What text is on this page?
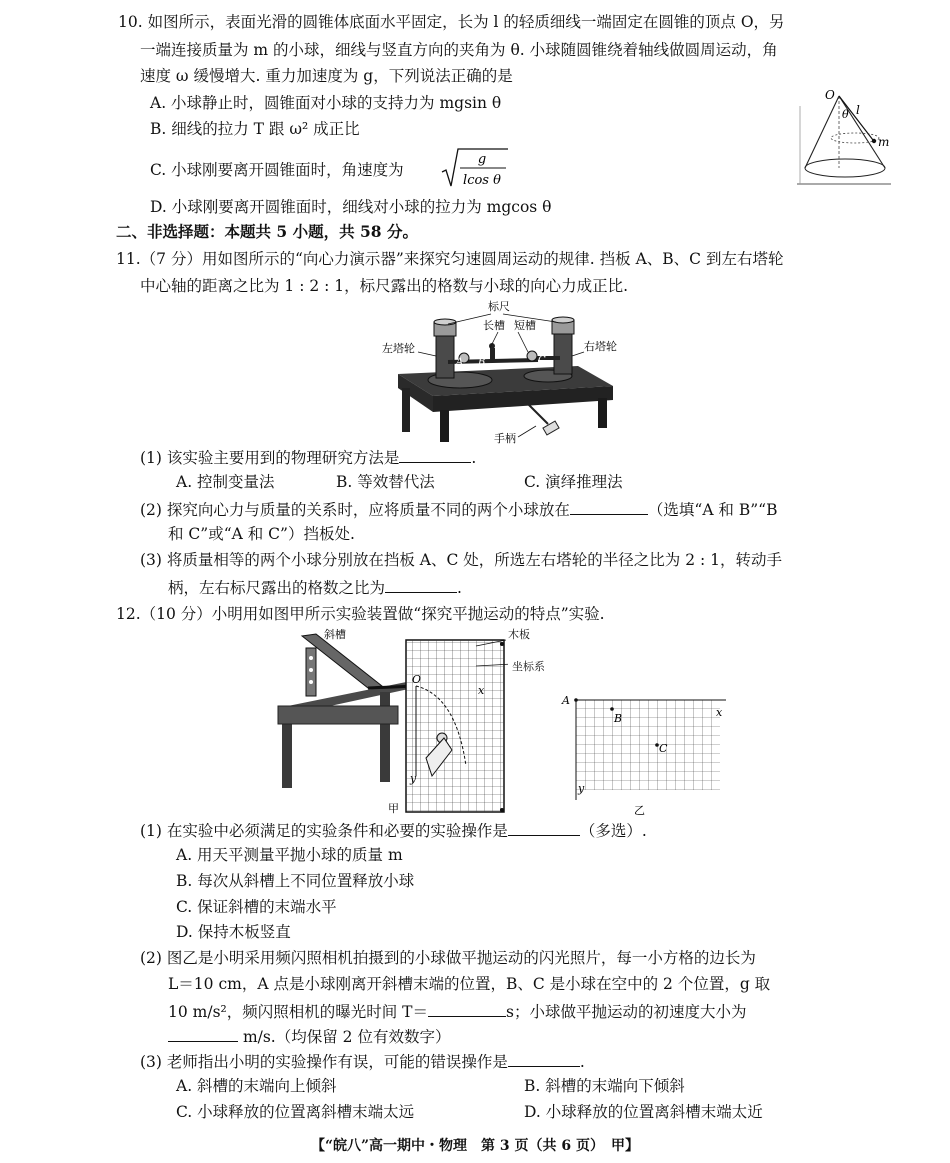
10. 如图所示，表面光滑的圆锥体底面水平固定，长为 l 的轻质细线一端固定在圆锥的顶点 O，另
一端连接质量为 m 的小球，细线与竖直方向的夹角为 θ. 小球随圆锥绕着轴线做圆周运动，角
速度 ω 缓慢增大. 重力加速度为 g，下列说法正确的是
A. 小球静止时，圆锥面对小球的支持力为 mgsin θ
B. 细线的拉力 T 跟 ω² 成正比
C. 小球刚要离开圆锥面时，角速度为
g
lcos θ
D. 小球刚要离开圆锥面时，细线对小球的拉力为 mgcos θ
O
θ l
m
二、非选择题：本题共 5 小题，共 58 分。
11.（7 分）用如图所示的“向心力演示器”来探究匀速圆周运动的规律. 挡板 A、B、C 到左右塔轮
中心轴的距离之比为 1 : 2 : 1，标尺露出的格数与小球的向心力成正比.
标尺
长槽 短槽
左塔轮	右塔轮
手柄
A B	C
(1) 该实验主要用到的物理研究方法是	.
A. 控制变量法	B. 等效替代法	C. 演绎推理法
(2) 探究向心力与质量的关系时，应将质量不同的两个小球放在	（选填“A 和 B”“B
和 C”或“A 和 C”）挡板处.
(3) 将质量相等的两个小球分别放在挡板 A、C 处，所选左右塔轮的半径之比为 2 : 1，转动手
柄，左右标尺露出的格数之比为	.
12.（10 分）小明用如图甲所示实验装置做“探究平抛运动的特点”实验.
斜槽
O
x
y
甲
木板
坐标系
A
B
C
x
y
乙
(1) 在实验中必须满足的实验条件和必要的实验操作是	（多选）.
A. 用天平测量平抛小球的质量 m
B. 每次从斜槽上不同位置释放小球
C. 保证斜槽的末端水平
D. 保持木板竖直
(2) 图乙是小明采用频闪照相机拍摄到的小球做平抛运动的闪光照片，每一小方格的边长为
L＝10 cm，A 点是小球刚离开斜槽末端的位置，B、C 是小球在空中的 2 个位置，g 取
10 m/s²，频闪照相机的曝光时间 T＝	s；小球做平抛运动的初速度大小为
m/s.（均保留 2 位有效数字）
(3) 老师指出小明的实验操作有误，可能的错误操作是	.
A. 斜槽的末端向上倾斜	B. 斜槽的末端向下倾斜
C. 小球释放的位置离斜槽末端太远	D. 小球释放的位置离斜槽末端太近
【“皖八”高一期中・物理　第 3 页（共 6 页）　甲】
